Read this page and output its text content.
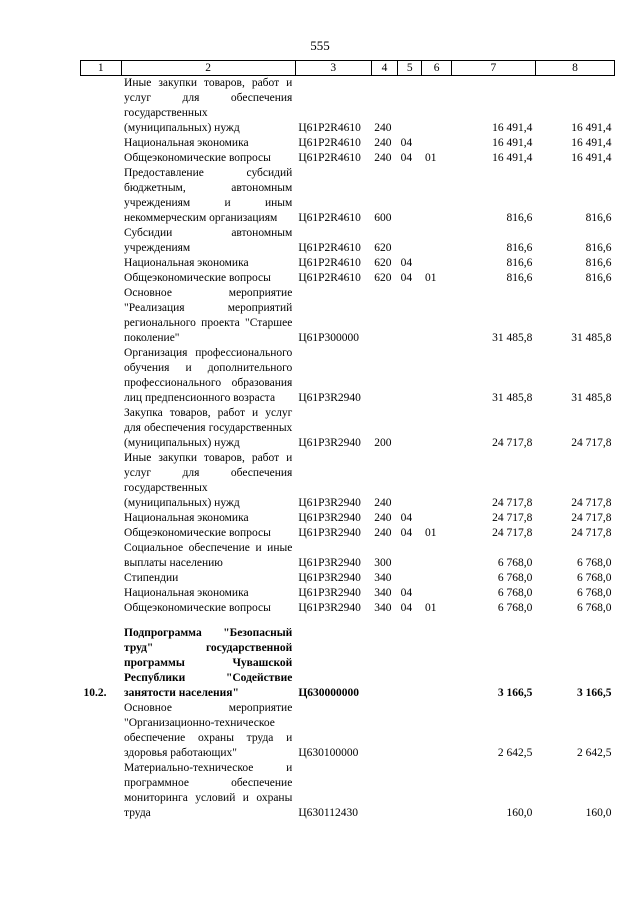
555
1	2	3	4	5	6	7	8
	Иные закупки товаров, работ и услуг для обеспечения государственных (муниципальных) нужд	Ц61P2R4610	240			16 491,4	16 491,4
	Национальная экономика	Ц61P2R4610	240	04		16 491,4	16 491,4
	Общеэкономические вопросы	Ц61P2R4610	240	04	01	16 491,4	16 491,4
	Предоставление субсидий бюджетным, автономным учреждениям и иным некоммерческим организациям	Ц61P2R4610	600			816,6	816,6
	Субсидии автономным учреждениям	Ц61P2R4610	620			816,6	816,6
	Национальная экономика	Ц61P2R4610	620	04		816,6	816,6
	Общеэкономические вопросы	Ц61P2R4610	620	04	01	816,6	816,6
	Основное мероприятие "Реализация мероприятий регионального проекта "Старшее поколение"	Ц61P300000				31 485,8	31 485,8
	Организация профессионального обучения и дополнительного профессионального образования лиц предпенсионного возраста	Ц61P3R2940				31 485,8	31 485,8
	Закупка товаров, работ и услуг для обеспечения государственных (муниципальных) нужд	Ц61P3R2940	200			24 717,8	24 717,8
	Иные закупки товаров, работ и услуг для обеспечения государственных (муниципальных) нужд	Ц61P3R2940	240			24 717,8	24 717,8
	Национальная экономика	Ц61P3R2940	240	04		24 717,8	24 717,8
	Общеэкономические вопросы	Ц61P3R2940	240	04	01	24 717,8	24 717,8
	Социальное обеспечение и иные выплаты населению	Ц61P3R2940	300			6 768,0	6 768,0
	Стипендии	Ц61P3R2940	340			6 768,0	6 768,0
	Национальная экономика	Ц61P3R2940	340	04		6 768,0	6 768,0
	Общеэкономические вопросы	Ц61P3R2940	340	04	01	6 768,0	6 768,0

10.2.	Подпрограмма "Безопасный труд" государственной программы Чувашской Республики "Содействие занятости населения"	Ц630000000				3 166,5	3 166,5
	Основное мероприятие "Организационно-техническое обеспечение охраны труда и здоровья работающих"	Ц630100000				2 642,5	2 642,5
	Материально-техническое и программное обеспечение мониторинга условий и охраны труда	Ц630112430				160,0	160,0
